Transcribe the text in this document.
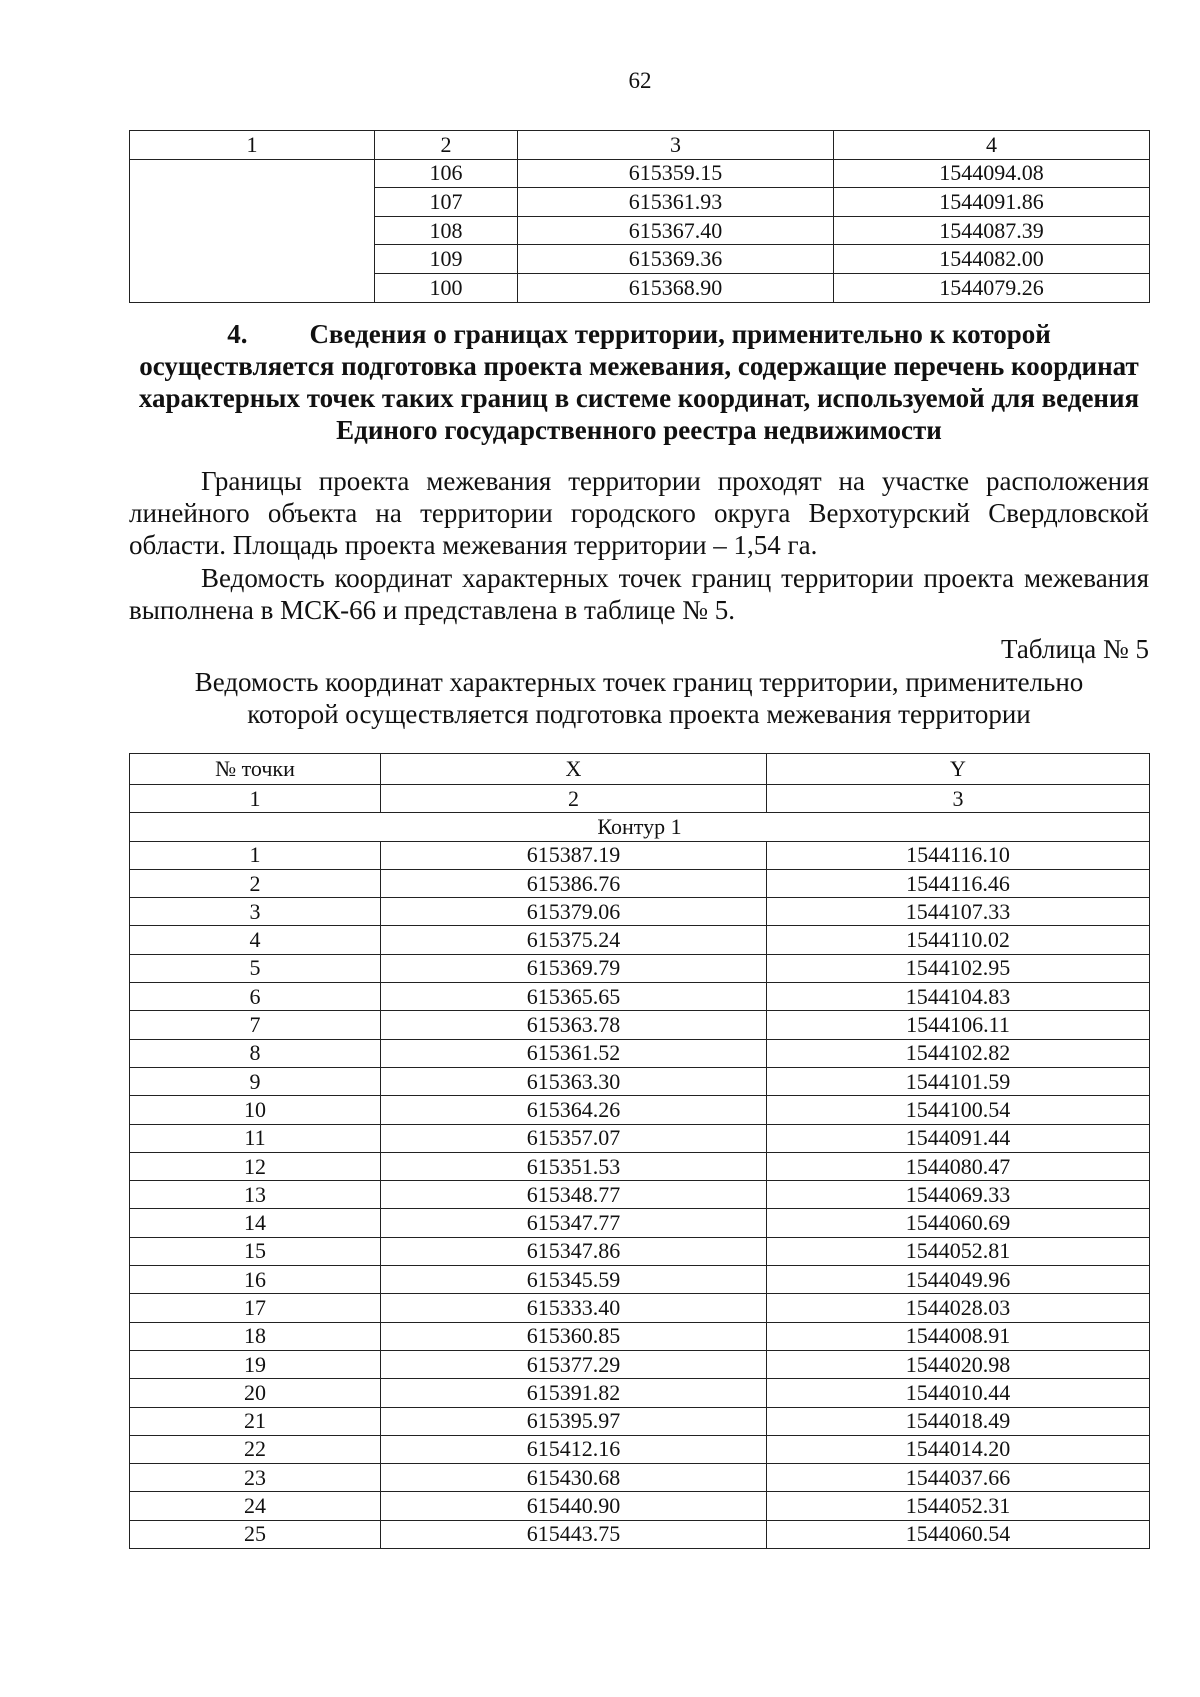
62
1	2	3	4
	106	615359.15	1544094.08
	107	615361.93	1544091.86
	108	615367.40	1544087.39
	109	615369.36	1544082.00
	100	615368.90	1544079.26
4. Сведения о границах территории, применительно к которой осуществляется подготовка проекта межевания, содержащие перечень координат характерных точек таких границ в системе координат, используемой для ведения Единого государственного реестра недвижимости

Границы проекта межевания территории проходят на участке расположения линейного объекта на территории городского округа Верхотурский Свердловской области. Площадь проекта межевания территории – 1,54 га.

Ведомость координат характерных точек границ территории проекта межевания выполнена в МСК-66 и представлена в таблице № 5.

Таблица № 5
Ведомость координат характерных точек границ территории, применительно
которой осуществляется подготовка проекта межевания территории
№ точки	X	Y
1	2	3
Контур 1		
1	615387.19	1544116.10
2	615386.76	1544116.46
3	615379.06	1544107.33
4	615375.24	1544110.02
5	615369.79	1544102.95
6	615365.65	1544104.83
7	615363.78	1544106.11
8	615361.52	1544102.82
9	615363.30	1544101.59
10	615364.26	1544100.54
11	615357.07	1544091.44
12	615351.53	1544080.47
13	615348.77	1544069.33
14	615347.77	1544060.69
15	615347.86	1544052.81
16	615345.59	1544049.96
17	615333.40	1544028.03
18	615360.85	1544008.91
19	615377.29	1544020.98
20	615391.82	1544010.44
21	615395.97	1544018.49
22	615412.16	1544014.20
23	615430.68	1544037.66
24	615440.90	1544052.31
25	615443.75	1544060.54
